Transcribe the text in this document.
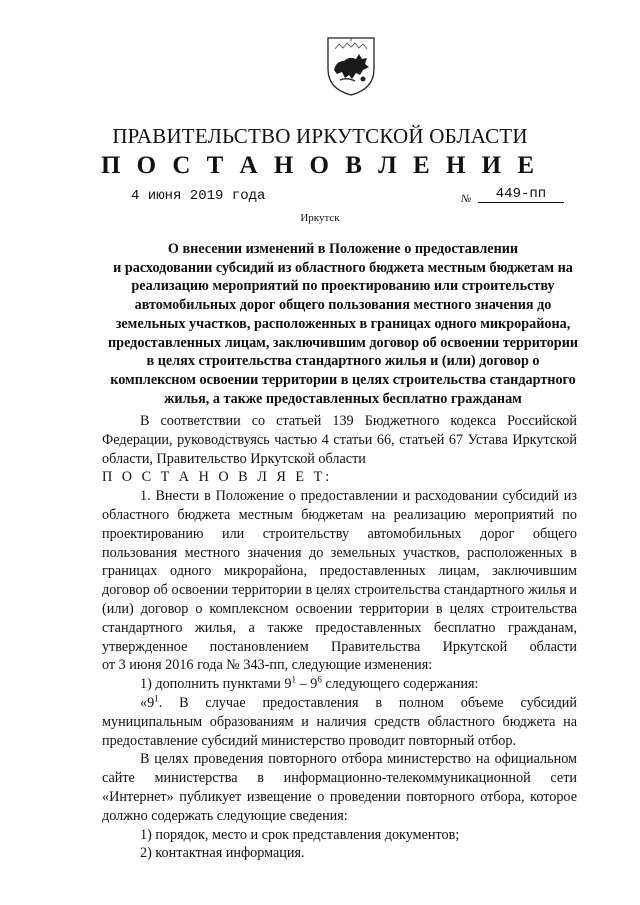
ПРАВИТЕЛЬСТВО ИРКУТСКОЙ ОБЛАСТИ
П О С Т А Н О В Л Е Н И Е
4 июня 2019 года	№	449-пп
Иркутск
О внесении изменений в Положение о предоставлении
и расходовании субсидий из областного бюджета местным бюджетам на
реализацию мероприятий по проектированию или строительству
автомобильных дорог общего пользования местного значения до
земельных участков, расположенных в границах одного микрорайона,
предоставленных лицам, заключившим договор об освоении территории
в целях строительства стандартного жилья и (или) договор о
комплексном освоении территории в целях строительства стандартного
жилья, а также предоставленных бесплатно гражданам
В соответствии со статьей 139 Бюджетного кодекса Российской
Федерации, руководствуясь частью 4 статьи 66, статьей 67 Устава Иркутской
области, Правительство Иркутской области
П О С Т А Н О В Л Я Е Т:
1. Внести в Положение о предоставлении и расходовании субсидий из
областного бюджета местным бюджетам на реализацию мероприятий по
проектированию или строительству автомобильных дорог общего
пользования местного значения до земельных участков, расположенных в
границах одного микрорайона, предоставленных лицам, заключившим
договор об освоении территории в целях строительства стандартного жилья и
(или) договор о комплексном освоении территории в целях строительства
стандартного жилья, а также предоставленных бесплатно гражданам,
утвержденное постановлением Правительства Иркутской области
от 3 июня 2016 года № 343-пп, следующие изменения:
1) дополнить пунктами $9^1 - 9^6$ следующего содержания:
«$9^1$. В случае предоставления в полном объеме субсидий
муниципальным образованиям и наличия средств областного бюджета на
предоставление субсидий министерство проводит повторный отбор.
В целях проведения повторного отбора министерство на официальном
сайте министерства в информационно-телекоммуникационной сети
«Интернет» публикует извещение о проведении повторного отбора, которое
должно содержать следующие сведения:
1) порядок, место и срок представления документов;
2) контактная информация.
